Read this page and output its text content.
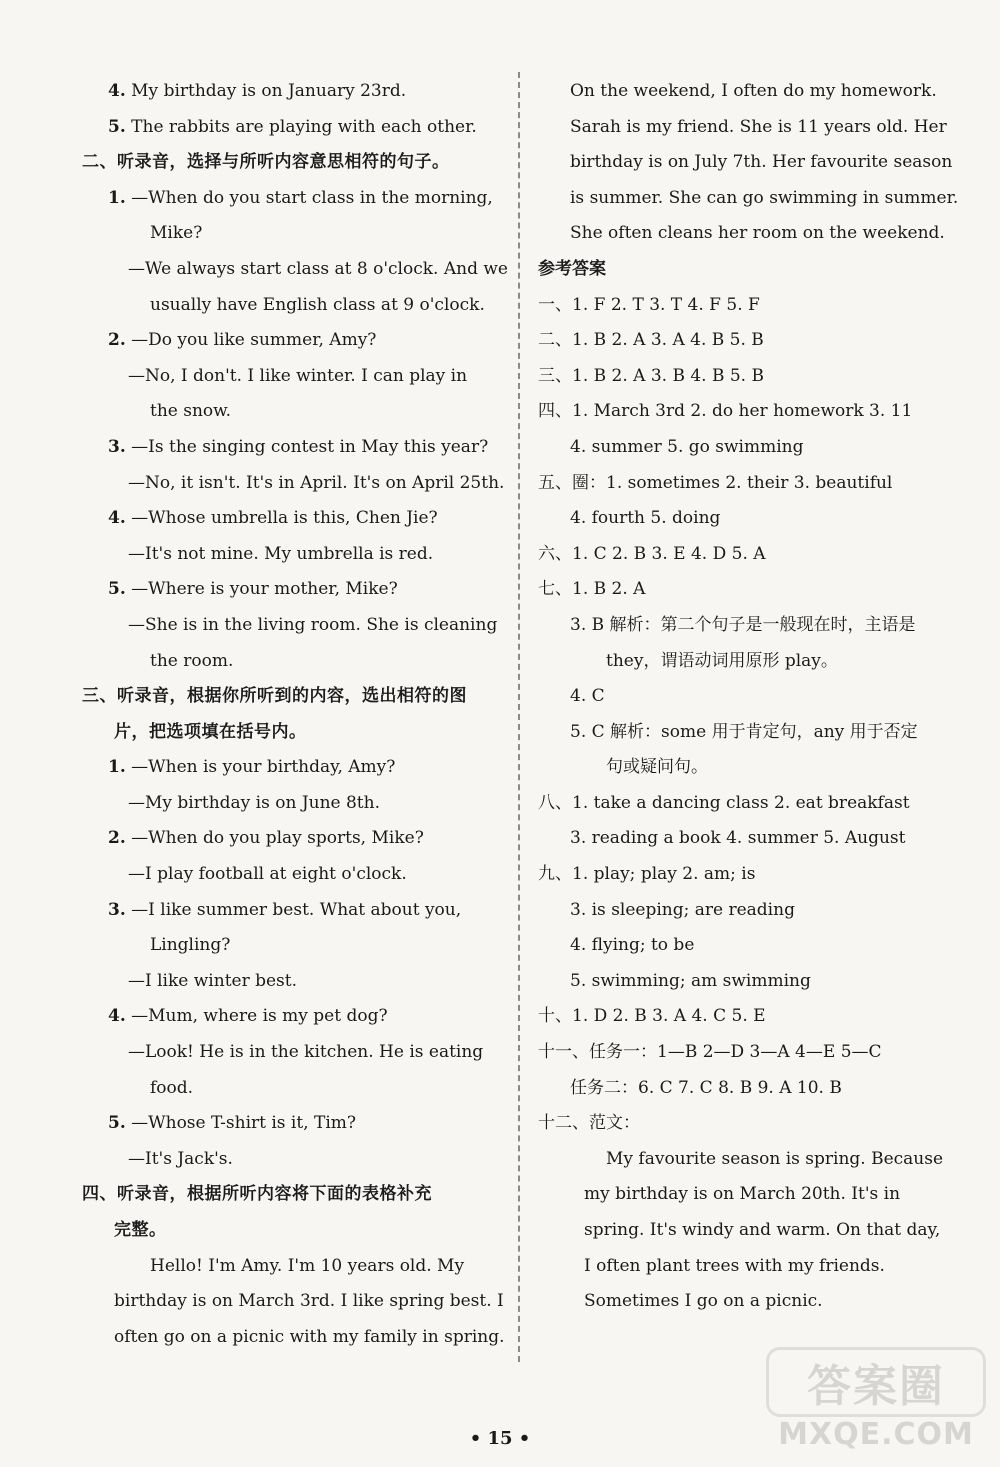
4. My birthday is on January 23rd.
5. The rabbits are playing with each other.
二、听录音，选择与所听内容意思相符的句子。
1. —When do you start class in the morning,
Mike?
—We always start class at 8 o'clock. And we
usually have English class at 9 o'clock.
2. —Do you like summer, Amy?
—No, I don't. I like winter. I can play in
the snow.
3. —Is the singing contest in May this year?
—No, it isn't. It's in April. It's on April 25th.
4. —Whose umbrella is this, Chen Jie?
—It's not mine. My umbrella is red.
5. —Where is your mother, Mike?
—She is in the living room. She is cleaning
the room.
三、听录音，根据你所听到的内容，选出相符的图
片，把选项填在括号内。
1. —When is your birthday, Amy?
—My birthday is on June 8th.
2. —When do you play sports, Mike?
—I play football at eight o'clock.
3. —I like summer best. What about you,
Lingling?
—I like winter best.
4. —Mum, where is my pet dog?
—Look! He is in the kitchen. He is eating
food.
5. —Whose T-shirt is it, Tim?
—It's Jack's.
四、听录音，根据所听内容将下面的表格补充
完整。
Hello! I'm Amy. I'm 10 years old. My
birthday is on March 3rd. I like spring best. I
often go on a picnic with my family in spring.
On the weekend, I often do my homework.
Sarah is my friend. She is 11 years old. Her
birthday is on July 7th. Her favourite season
is summer. She can go swimming in summer.
She often cleans her room on the weekend.
参考答案
一、1. F 2. T 3. T 4. F 5. F
二、1. B 2. A 3. A 4. B 5. B
三、1. B 2. A 3. B 4. B 5. B
四、1. March 3rd 2. do her homework 3. 11
4. summer 5. go swimming
五、圈：1. sometimes 2. their 3. beautiful
4. fourth 5. doing
六、1. C 2. B 3. E 4. D 5. A
七、1. B 2. A
3. B 解析：第二个句子是一般现在时，主语是
they，谓语动词用原形 play。
4. C
5. C 解析：some 用于肯定句，any 用于否定
句或疑问句。
八、1. take a dancing class 2. eat breakfast
3. reading a book 4. summer 5. August
九、1. play; play 2. am; is
3. is sleeping; are reading
4. flying; to be
5. swimming; am swimming
十、1. D 2. B 3. A 4. C 5. E
十一、任务一：1—B 2—D 3—A 4—E 5—C
任务二：6. C 7. C 8. B 9. A 10. B
十二、范文：
My favourite season is spring. Because
my birthday is on March 20th. It's in
spring. It's windy and warm. On that day,
I often plant trees with my friends.
Sometimes I go on a picnic.
• 15 •
答案圈
MXQE.COM
